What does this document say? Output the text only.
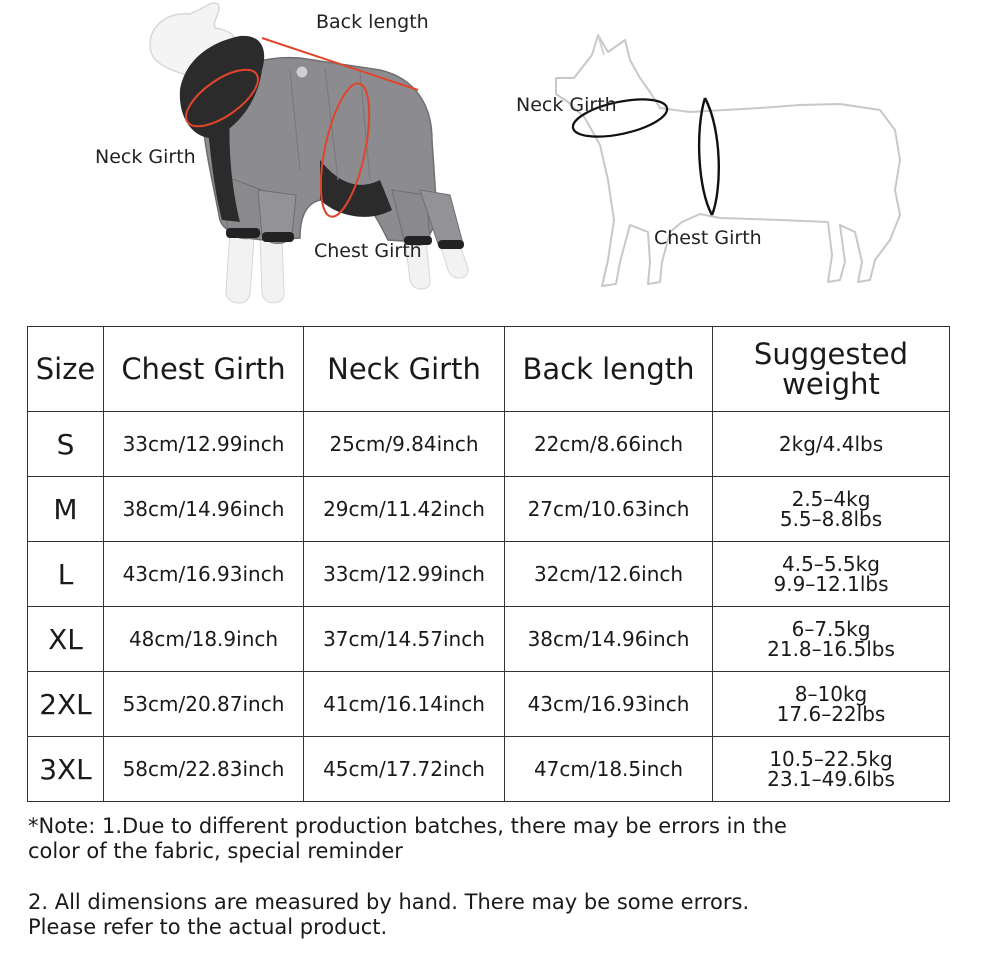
Back length
Neck Girth
Chest Girth
Neck Girth
Chest Girth
Size	Chest Girth	Neck Girth	Back length	Suggested
weight
S	33cm/12.99inch	25cm/9.84inch	22cm/8.66inch	2kg/4.4lbs

M	38cm/14.96inch	29cm/11.42inch	27cm/10.63inch	2.5–4kg
5.5–8.8lbs

L	43cm/16.93inch	33cm/12.99inch	32cm/12.6inch	4.5–5.5kg
9.9–12.1lbs

XL	48cm/18.9inch	37cm/14.57inch	38cm/14.96inch	6–7.5kg
21.8–16.5lbs

2XL	53cm/20.87inch	41cm/16.14inch	43cm/16.93inch	8–10kg
17.6–22lbs

3XL	58cm/22.83inch	45cm/17.72inch	47cm/18.5inch	10.5–22.5kg
23.1–49.6lbs
*Note: 1.Due to different production batches, there may be errors in the
color of the fabric, special reminder
2. All dimensions are measured by hand. There may be some errors.
Please refer to the actual product.
